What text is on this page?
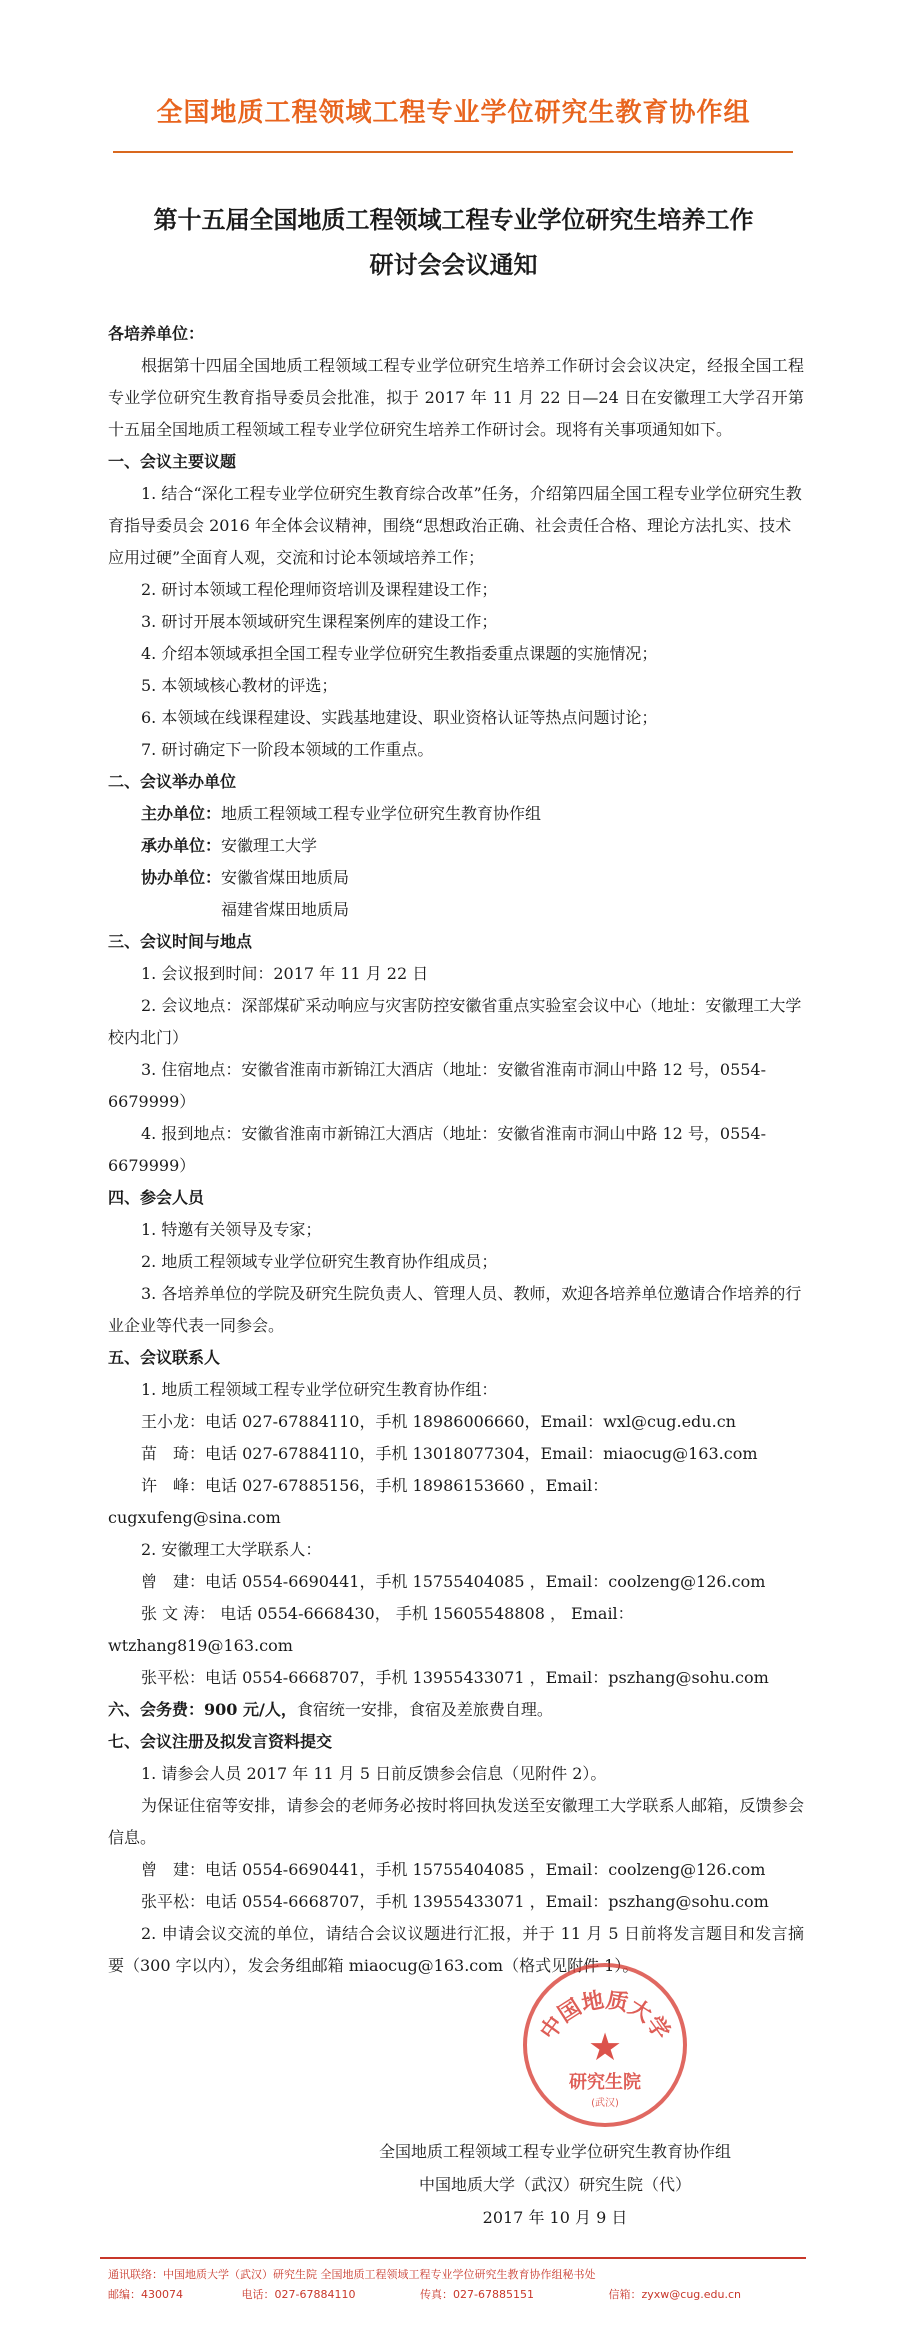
全国地质工程领域工程专业学位研究生教育协作组
第十五届全国地质工程领域工程专业学位研究生培养工作
研讨会会议通知

各培养单位：

根据第十四届全国地质工程领域工程专业学位研究生培养工作研讨会会议决定，经报全国工程专业学位研究生教育指导委员会批准，拟于 2017 年 11 月 22 日—24 日在安徽理工大学召开第十五届全国地质工程领域工程专业学位研究生培养工作研讨会。现将有关事项通知如下。

一、会议主要议题

1. 结合“深化工程专业学位研究生教育综合改革”任务，介绍第四届全国工程专业学位研究生教育指导委员会 2016 年全体会议精神，围绕“思想政治正确、社会责任合格、理论方法扎实、技术应用过硬”全面育人观，交流和讨论本领域培养工作；

2. 研讨本领域工程伦理师资培训及课程建设工作；

3. 研讨开展本领域研究生课程案例库的建设工作；

4. 介绍本领域承担全国工程专业学位研究生教指委重点课题的实施情况；

5. 本领域核心教材的评选；

6. 本领域在线课程建设、实践基地建设、职业资格认证等热点问题讨论；

7. 研讨确定下一阶段本领域的工作重点。

二、会议举办单位

主办单位：地质工程领域工程专业学位研究生教育协作组

承办单位：安徽理工大学

协办单位：安徽省煤田地质局

福建省煤田地质局

三、会议时间与地点

1. 会议报到时间：2017 年 11 月 22 日

2. 会议地点：深部煤矿采动响应与灾害防控安徽省重点实验室会议中心（地址：安徽理工大学校内北门）

3. 住宿地点：安徽省淮南市新锦江大酒店（地址：安徽省淮南市洞山中路 12 号，0554-6679999）

4. 报到地点：安徽省淮南市新锦江大酒店（地址：安徽省淮南市洞山中路 12 号，0554-6679999）

四、参会人员

1. 特邀有关领导及专家；

2. 地质工程领域专业学位研究生教育协作组成员；

3. 各培养单位的学院及研究生院负责人、管理人员、教师，欢迎各培养单位邀请合作培养的行业企业等代表一同参会。

五、会议联系人

1. 地质工程领域工程专业学位研究生教育协作组：

王小龙：电话 027-67884110，手机 18986006660，Email：wxl@cug.edu.cn

苗　琦：电话 027-67884110，手机 13018077304，Email：miaocug@163.com

许　峰：电话 027-67885156，手机 18986153660 ，Email：

cugxufeng@sina.com

2. 安徽理工大学联系人：

曾　建：电话 0554-6690441，手机 15755404085 ，Email：coolzeng@126.com

张 文 涛： 电话 0554-6668430， 手机 15605548808 ， Email：

wtzhang819@163.com

张平松：电话 0554-6668707，手机 13955433071 ，Email：pszhang@sohu.com

六、会务费：900 元/人，食宿统一安排，食宿及差旅费自理。

七、会议注册及拟发言资料提交

1. 请参会人员 2017 年 11 月 5 日前反馈参会信息（见附件 2）。

为保证住宿等安排，请参会的老师务必按时将回执发送至安徽理工大学联系人邮箱，反馈参会信息。

曾　建：电话 0554-6690441，手机 15755404085 ，Email：coolzeng@126.com

张平松：电话 0554-6668707，手机 13955433071 ，Email：pszhang@sohu.com

2. 申请会议交流的单位，请结合会议议题进行汇报，并于 11 月 5 日前将发言题目和发言摘要（300 字以内），发会务组邮箱 miaocug@163.com（格式见附件 1）。

中国地质大学
★
研究生院
(武汉)
全国地质工程领域工程专业学位研究生教育协作组
中国地质大学（武汉）研究生院（代）
2017 年 10 月 9 日
通讯联络：中国地质大学（武汉）研究生院 全国地质工程领域工程专业学位研究生教育协作组秘书处
邮编：430074	电话：027-67884110	传真：027-67885151	信箱：zyxw@cug.edu.cn
